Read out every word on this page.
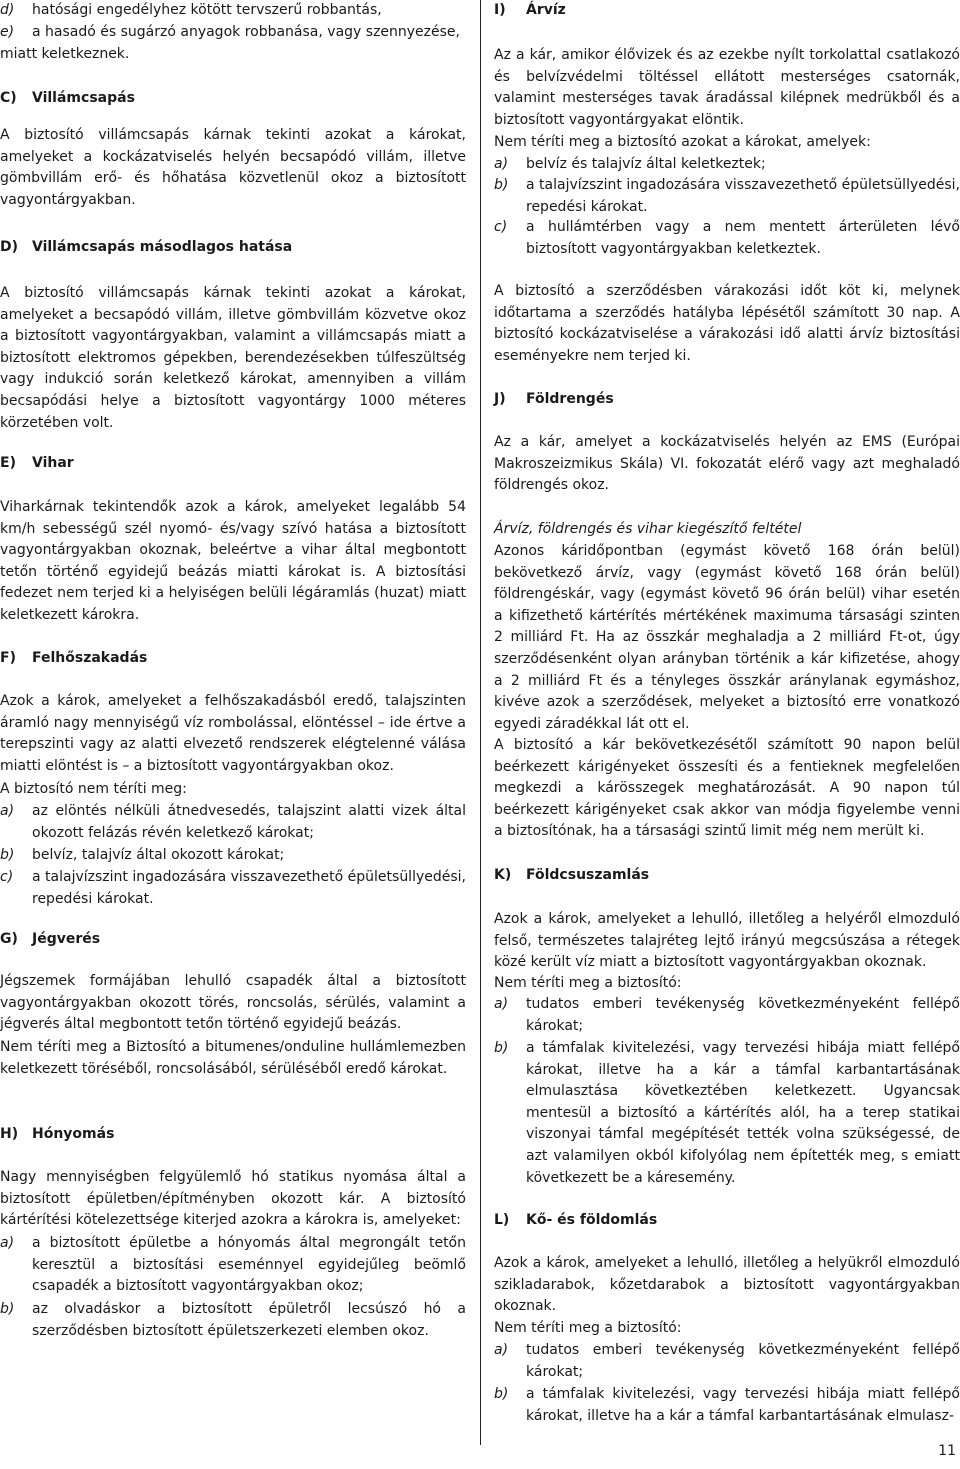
d) hatósági engedélyhez kötött tervszerű robbantás,
e) a hasadó és sugárzó anyagok robbanása, vagy szennyezése,

miatt keletkeznek.

C) Villámcsapás

A biztosító villámcsapás kárnak tekinti azokat a károkat, amelyeket a kockázatviselés helyén becsapódó villám, illetve gömbvillám erő- és hőhatása közvetlenül okoz a biztosított vagyontárgyakban.

D) Villámcsapás másodlagos hatása

A biztosító villámcsapás kárnak tekinti azokat a károkat, amelyeket a becsapódó villám, illetve gömbvillám közvetve okoz a biztosított vagyontárgyakban, valamint a villámcsapás miatt a biztosított elektromos gépekben, berendezésekben túlfeszültség vagy indukció során keletkező károkat, amennyiben a villám becsapódási helye a biztosított vagyontárgy 1000 méteres körzetében volt.

E) Vihar

Viharkárnak tekintendők azok a károk, amelyeket legalább 54 km/h sebességű szél nyomó- és/vagy szívó hatása a biztosított vagyontárgyakban okoznak, beleértve a vihar által megbontott tetőn történő egyidejű beázás miatti károkat is. A biztosítási fedezet nem terjed ki a helyiségen belüli légáramlás (huzat) miatt keletkezett károkra.

F) Felhőszakadás

Azok a károk, amelyeket a felhőszakadásból eredő, talajszinten áramló nagy mennyiségű víz rombolással, elöntéssel – ide értve a terepszinti vagy az alatti elvezető rendszerek elégtelenné válása miatti elöntést is – a biztosított vagyontárgyakban okoz.

A biztosító nem téríti meg:

a) az elöntés nélküli átnedvesedés, talajszint alatti vizek által okozott felázás révén keletkező károkat;
b) belvíz, talajvíz által okozott károkat;
c) a talajvízszint ingadozására visszavezethető épületsüllyedési, repedési károkat.
G) Jégverés

Jégszemek formájában lehulló csapadék által a biztosított vagyontárgyakban okozott törés, roncsolás, sérülés, valamint a jégverés által megbontott tetőn történő egyidejű beázás.

Nem téríti meg a Biztosító a bitumenes/onduline hullámlemezben keletkezett töréséből, roncsolásából, sérüléséből eredő károkat.

H) Hónyomás

Nagy mennyiségben felgyülemlő hó statikus nyomása által a biztosított épületben/építményben okozott kár. A biztosító kártérítési kötelezettsége kiterjed azokra a károkra is, amelyeket:

a) a biztosított épületbe a hónyomás által megrongált tetőn keresztül a biztosítási eseménnyel egyidejűleg beömlő csapadék a biztosított vagyontárgyakban okoz;
b) az olvadáskor a biztosított épületről lecsúszó hó a szerződésben biztosított épületszerkezeti elemben okoz.
I) Árvíz

Az a kár, amikor élővizek és az ezekbe nyílt torkolattal csatlakozó és belvízvédelmi töltéssel ellátott mesterséges csatornák, valamint mesterséges tavak áradással kilépnek medrükből és a biztosított vagyontárgyakat elöntik.

Nem téríti meg a biztosító azokat a károkat, amelyek:

a) belvíz és talajvíz által keletkeztek;
b) a talajvízszint ingadozására visszavezethető épületsüllyedési, repedési károkat.
c) a hullámtérben vagy a nem mentett árterületen lévő biztosított vagyontárgyakban keletkeztek.

A biztosító a szerződésben várakozási időt köt ki, melynek időtartama a szerződés hatályba lépésétől számított 30 nap. A biztosító kockázatviselése a várakozási idő alatti árvíz biztosítási eseményekre nem terjed ki.

J) Földrengés

Az a kár, amelyet a kockázatviselés helyén az EMS (Európai Makroszeizmikus Skála) VI. fokozatát elérő vagy azt meghaladó földrengés okoz.

Árvíz, földrengés és vihar kiegészítő feltétel

Azonos káridőpontban (egymást követő 168 órán belül) bekövetkező árvíz, vagy (egymást követő 168 órán belül) földrengéskár, vagy (egymást követő 96 órán belül) vihar esetén a kifizethető kártérítés mértékének maximuma társasági szinten 2 milliárd Ft. Ha az összkár meghaladja a 2 milliárd Ft-ot, úgy szerződésenként olyan arányban történik a kár kifizetése, ahogy a 2 milliárd Ft és a tényleges összkár aránylanak egymáshoz, kivéve azok a szerződések, melyeket a biztosító erre vonatkozó egyedi záradékkal lát ott el.

A biztosító a kár bekövetkezésétől számított 90 napon belül beérkezett kárigényeket összesíti és a fentieknek megfelelően megkezdi a kárösszegek meghatározását. A 90 napon túl beérkezett kárigényeket csak akkor van módja figyelembe venni a biztosítónak, ha a társasági szintű limit még nem merült ki.

K) Földcsuszamlás

Azok a károk, amelyeket a lehulló, illetőleg a helyéről elmozduló felső, természetes talajréteg lejtő irányú megcsúszása a rétegek közé került víz miatt a biztosított vagyontárgyakban okoznak.

Nem téríti meg a biztosító:

a) tudatos emberi tevékenység következményeként fellépő károkat;
b) a támfalak kivitelezési, vagy tervezési hibája miatt fellépő károkat, illetve ha a kár a támfal karbantartásának elmulasztása következtében keletkezett. Ugyancsak mentesül a biztosító a kártérítés alól, ha a terep statikai viszonyai támfal megépítését tették volna szükségessé, de azt valamilyen okból kifolyólag nem építették meg, s emiatt következett be a káresemény.
L) Kő- és földomlás

Azok a károk, amelyeket a lehulló, illetőleg a helyükről elmozduló szikladarabok, kőzetdarabok a biztosított vagyontárgyakban okoznak.

Nem téríti meg a biztosító:

a) tudatos emberi tevékenység következményeként fellépő károkat;
b) a támfalak kivitelezési, vagy tervezési hibája miatt fellépő károkat, illetve ha a kár a támfal karbantartásának elmulasz-
11
